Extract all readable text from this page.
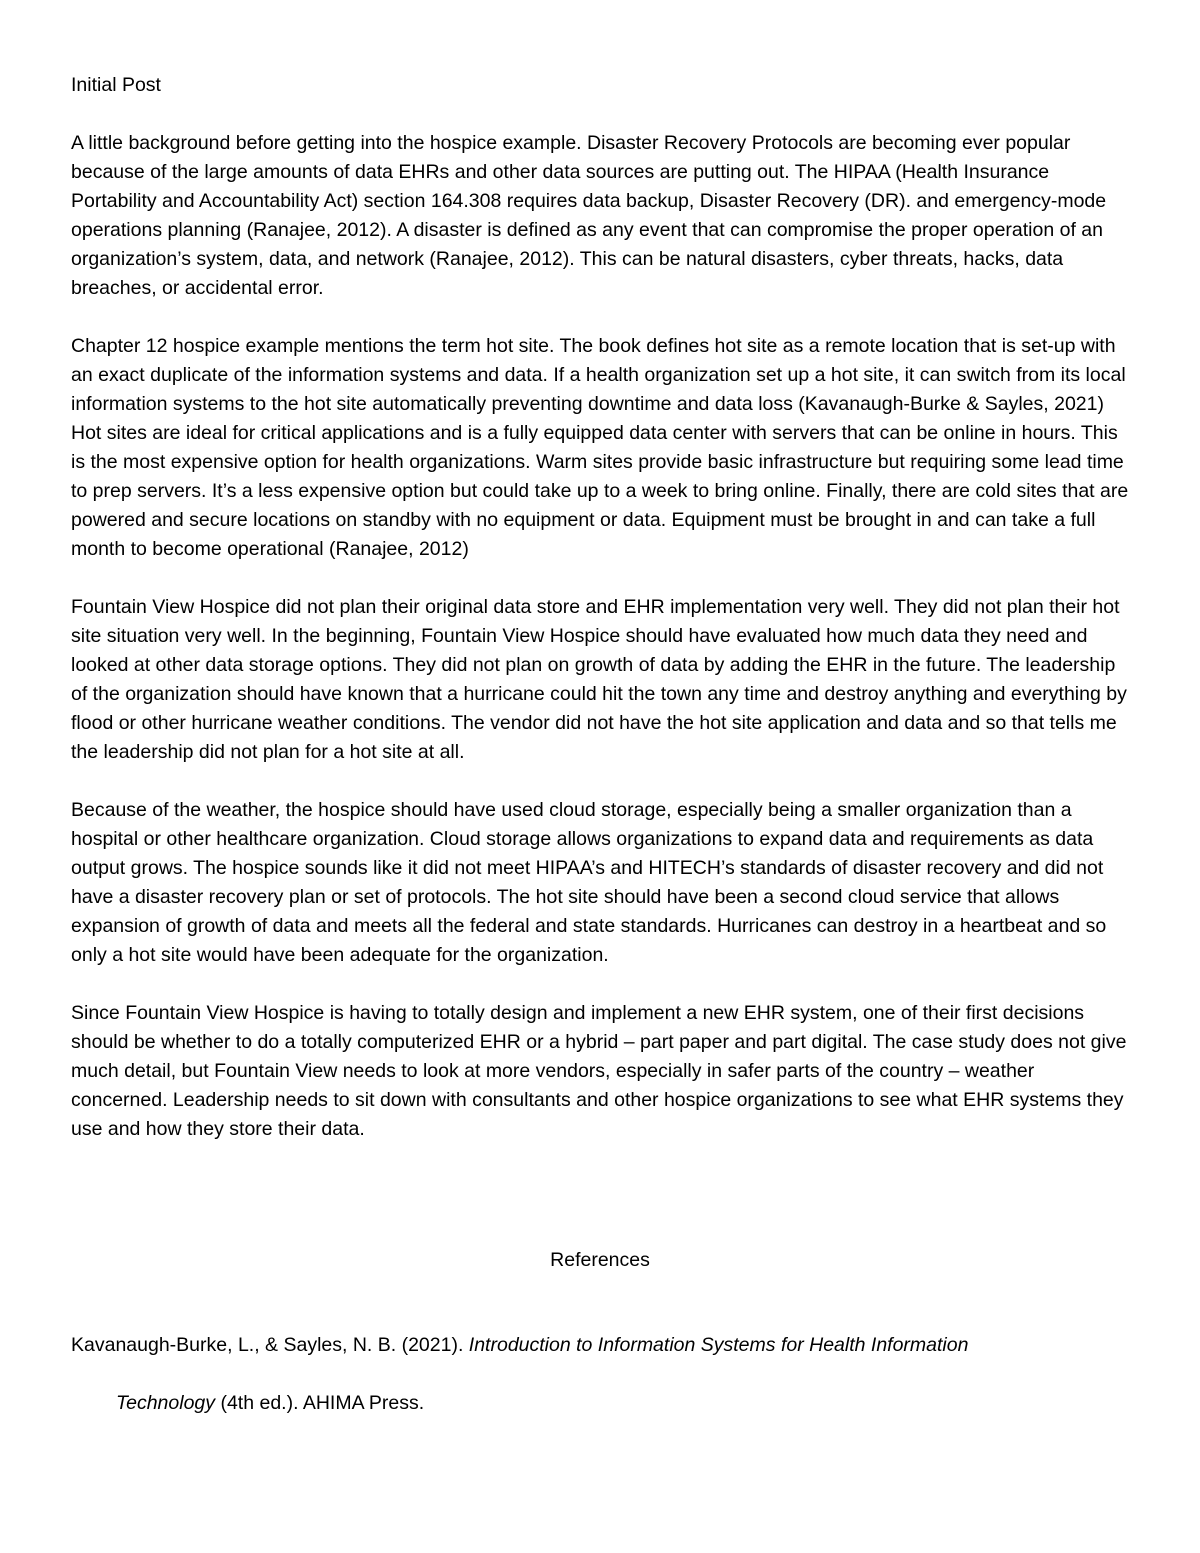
Initial Post

A little background before getting into the hospice example. Disaster Recovery Protocols are becoming ever popular because of the large amounts of data EHRs and other data sources are putting out. The HIPAA (Health Insurance Portability and Accountability Act) section 164.308 requires data backup, Disaster Recovery (DR). and emergency-mode operations planning (Ranajee, 2012). A disaster is defined as any event that can compromise the proper operation of an organization’s system, data, and network (Ranajee, 2012). This can be natural disasters, cyber threats, hacks, data breaches, or accidental error.

Chapter 12 hospice example mentions the term hot site. The book defines hot site as a remote location that is set-up with an exact duplicate of the information systems and data. If a health organization set up a hot site, it can switch from its local information systems to the hot site automatically preventing downtime and data loss (Kavanaugh-Burke & Sayles, 2021) Hot sites are ideal for critical applications and is a fully equipped data center with servers that can be online in hours. This is the most expensive option for health organizations. Warm sites provide basic infrastructure but requiring some lead time to prep servers. It’s a less expensive option but could take up to a week to bring online. Finally, there are cold sites that are powered and secure locations on standby with no equipment or data. Equipment must be brought in and can take a full month to become operational (Ranajee, 2012)

Fountain View Hospice did not plan their original data store and EHR implementation very well. They did not plan their hot site situation very well. In the beginning, Fountain View Hospice should have evaluated how much data they need and looked at other data storage options. They did not plan on growth of data by adding the EHR in the future. The leadership of the organization should have known that a hurricane could hit the town any time and destroy anything and everything by flood or other hurricane weather conditions. The vendor did not have the hot site application and data and so that tells me the leadership did not plan for a hot site at all.

Because of the weather, the hospice should have used cloud storage, especially being a smaller organization than a hospital or other healthcare organization. Cloud storage allows organizations to expand data and requirements as data output grows. The hospice sounds like it did not meet HIPAA’s and HITECH’s standards of disaster recovery and did not have a disaster recovery plan or set of protocols. The hot site should have been a second cloud service that allows expansion of growth of data and meets all the federal and state standards. Hurricanes can destroy in a heartbeat and so only a hot site would have been adequate for the organization.

Since Fountain View Hospice is having to totally design and implement a new EHR system, one of their first decisions should be whether to do a totally computerized EHR or a hybrid – part paper and part digital. The case study does not give much detail, but Fountain View needs to look at more vendors, especially in safer parts of the country – weather concerned. Leadership needs to sit down with consultants and other hospice organizations to see what EHR systems they use and how they store their data.

References
Kavanaugh-Burke, L., & Sayles, N. B. (2021). Introduction to Information Systems for Health Information
Technology (4th ed.). AHIMA Press.
